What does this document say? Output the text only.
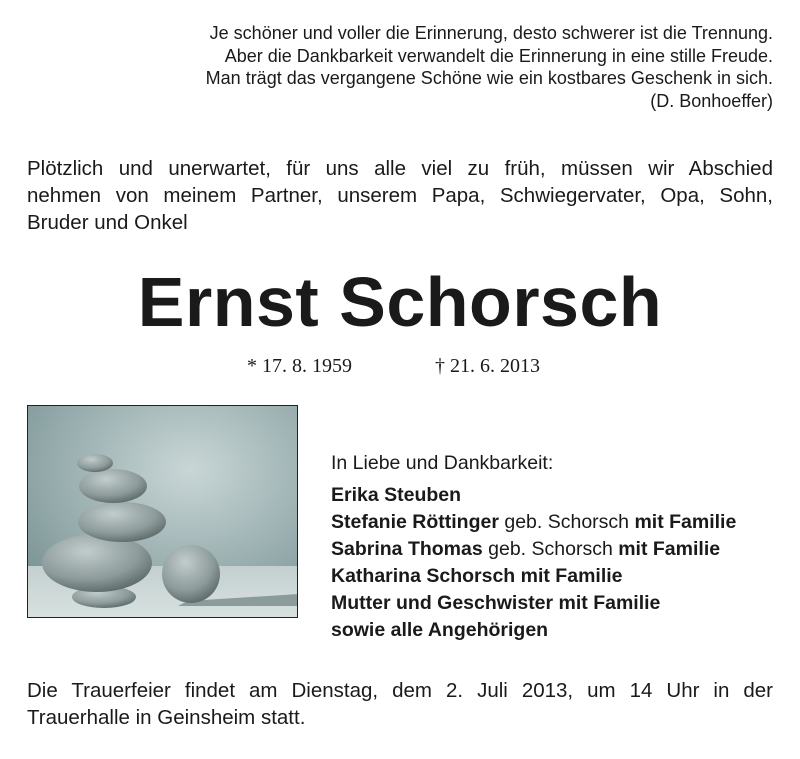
Je schöner und voller die Erinnerung, desto schwerer ist die Trennung.
Aber die Dankbarkeit verwandelt die Erinnerung in eine stille Freude.
Man trägt das vergangene Schöne wie ein kostbares Geschenk in sich.
(D. Bonhoeffer)
Plötzlich und unerwartet, für uns alle viel zu früh, müssen wir Abschied
nehmen von meinem Partner, unserem Papa, Schwiegervater, Opa, Sohn,
Bruder und Onkel
Ernst Schorsch
* 17. 8. 1959	† 21. 6. 2013
In Liebe und Dankbarkeit:
Erika Steuben
Stefanie Röttinger geb. Schorsch mit Familie
Sabrina Thomas geb. Schorsch mit Familie
Katharina Schorsch mit Familie
Mutter und Geschwister mit Familie
sowie alle Angehörigen
Die Trauerfeier findet am Dienstag, dem 2. Juli 2013, um 14 Uhr in der
Trauerhalle in Geinsheim statt.
